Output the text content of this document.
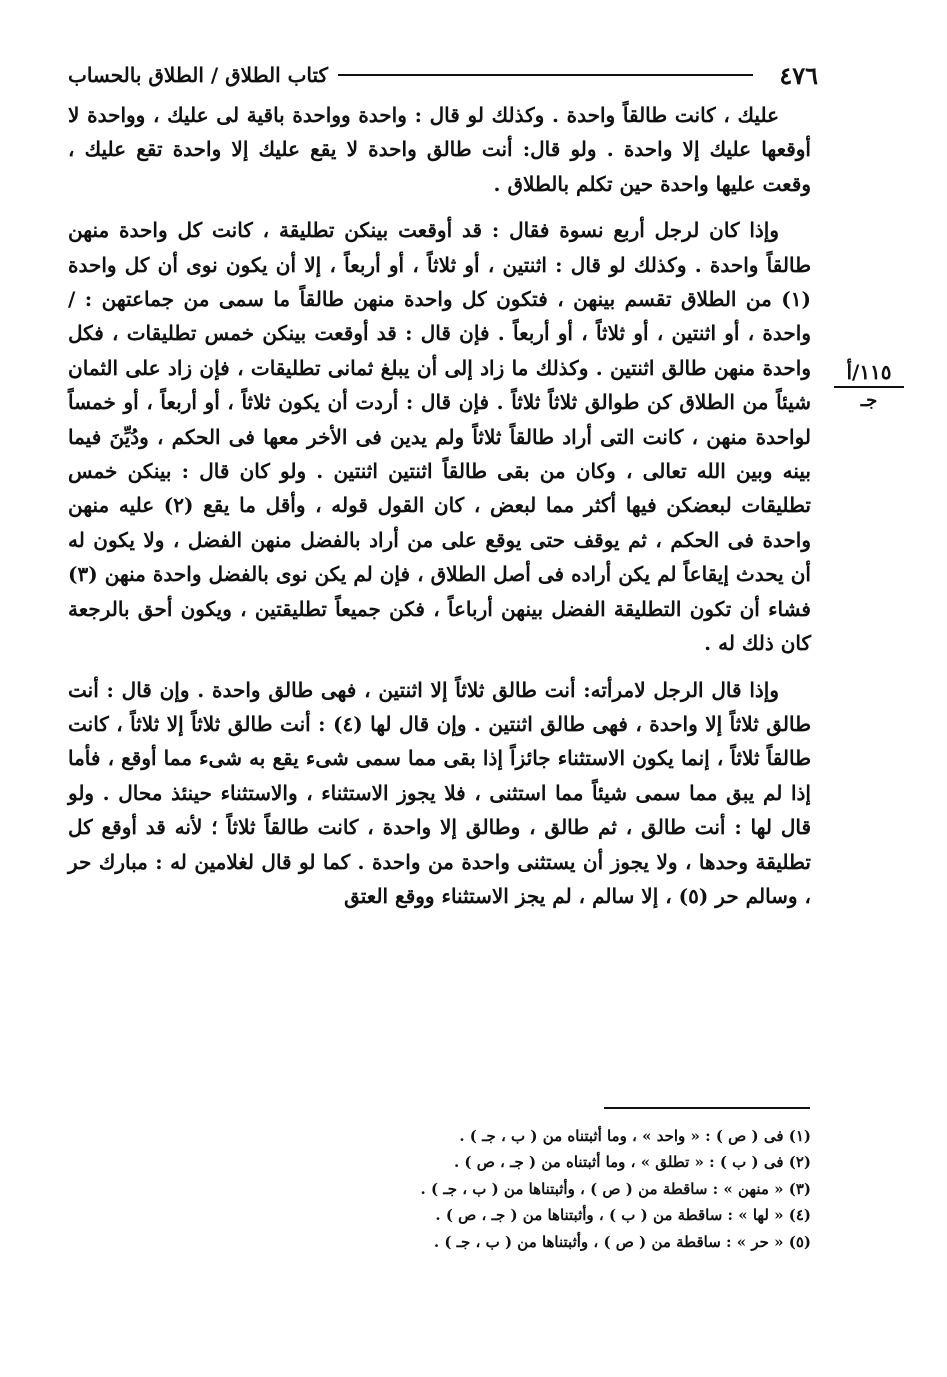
٤٧٦
كتاب الطلاق / الطلاق بالحساب
١١٥/أ
جـ

عليك ، كانت طالقاً واحدة . وكذلك لو قال : واحدة وواحدة باقية لى عليك ، وواحدة لا أوقعها عليك إلا واحدة . ولو قال: أنت طالق واحدة لا يقع عليك إلا واحدة تقع عليك ، وقعت عليها واحدة حين تكلم بالطلاق .

وإذا كان لرجل أربع نسوة فقال : قد أوقعت بينكن تطليقة ، كانت كل واحدة منهن طالقاً واحدة . وكذلك لو قال : اثنتين ، أو ثلاثاً ، أو أربعاً ، إلا أن يكون نوى أن كل واحدة (١) من الطلاق تقسم بينهن ، فتكون كل واحدة منهن طالقاً ما سمى من جماعتهن : / واحدة ، أو اثنتين ، أو ثلاثاً ، أو أربعاً . فإن قال : قد أوقعت بينكن خمس تطليقات ، فكل واحدة منهن طالق اثنتين . وكذلك ما زاد إلى أن يبلغ ثمانى تطليقات ، فإن زاد على الثمان شيئاً من الطلاق كن طوالق ثلاثاً ثلاثاً . فإن قال : أردت أن يكون ثلاثاً ، أو أربعاً ، أو خمساً لواحدة منهن ، كانت التى أراد طالقاً ثلاثاً ولم يدين فى الأخر معها فى الحكم ، ودُيِّنَ فيما بينه وبين الله تعالى ، وكان من بقى طالقاً اثنتين اثنتين . ولو كان قال : بينكن خمس تطليقات لبعضكن فيها أكثر مما لبعض ، كان القول قوله ، وأقل ما يقع (٢) عليه منهن واحدة فى الحكم ، ثم يوقف حتى يوقع على من أراد بالفضل منهن الفضل ، ولا يكون له أن يحدث إيقاعاً لم يكن أراده فى أصل الطلاق ، فإن لم يكن نوى بالفضل واحدة منهن (٣) فشاء أن تكون التطليقة الفضل بينهن أرباعاً ، فكن جميعاً تطليقتين ، ويكون أحق بالرجعة كان ذلك له .

وإذا قال الرجل لامرأته: أنت طالق ثلاثاً إلا اثنتين ، فهى طالق واحدة . وإن قال : أنت طالق ثلاثاً إلا واحدة ، فهى طالق اثنتين . وإن قال لها (٤) : أنت طالق ثلاثاً إلا ثلاثاً ، كانت طالقاً ثلاثاً ، إنما يكون الاستثناء جائزاً إذا بقى مما سمى شىء يقع به شىء مما أوقع ، فأما إذا لم يبق مما سمى شيئاً مما استثنى ، فلا يجوز الاستثناء ، والاستثناء حينئذ محال . ولو قال لها : أنت طالق ، ثم طالق ، وطالق إلا واحدة ، كانت طالقاً ثلاثاً ؛ لأنه قد أوقع كل تطليقة وحدها ، ولا يجوز أن يستثنى واحدة من واحدة . كما لو قال لغلامين له : مبارك حر ، وسالم حر (٥) ، إلا سالم ، لم يجز الاستثناء ووقع العتق

(١) فى ( ص ) : « واحد » ، وما أثبتناه من ( ب ، جـ ) .
(٢) فى ( ب ) : « تطلق » ، وما أثبتناه من ( جـ ، ص ) .
(٣) « منهن » : ساقطة من ( ص ) ، وأثبتناها من ( ب ، جـ ) .
(٤) « لها » : ساقطة من ( ب ) ، وأثبتناها من ( جـ ، ص ) .
(٥) « حر » : ساقطة من ( ص ) ، وأثبتناها من ( ب ، جـ ) .
